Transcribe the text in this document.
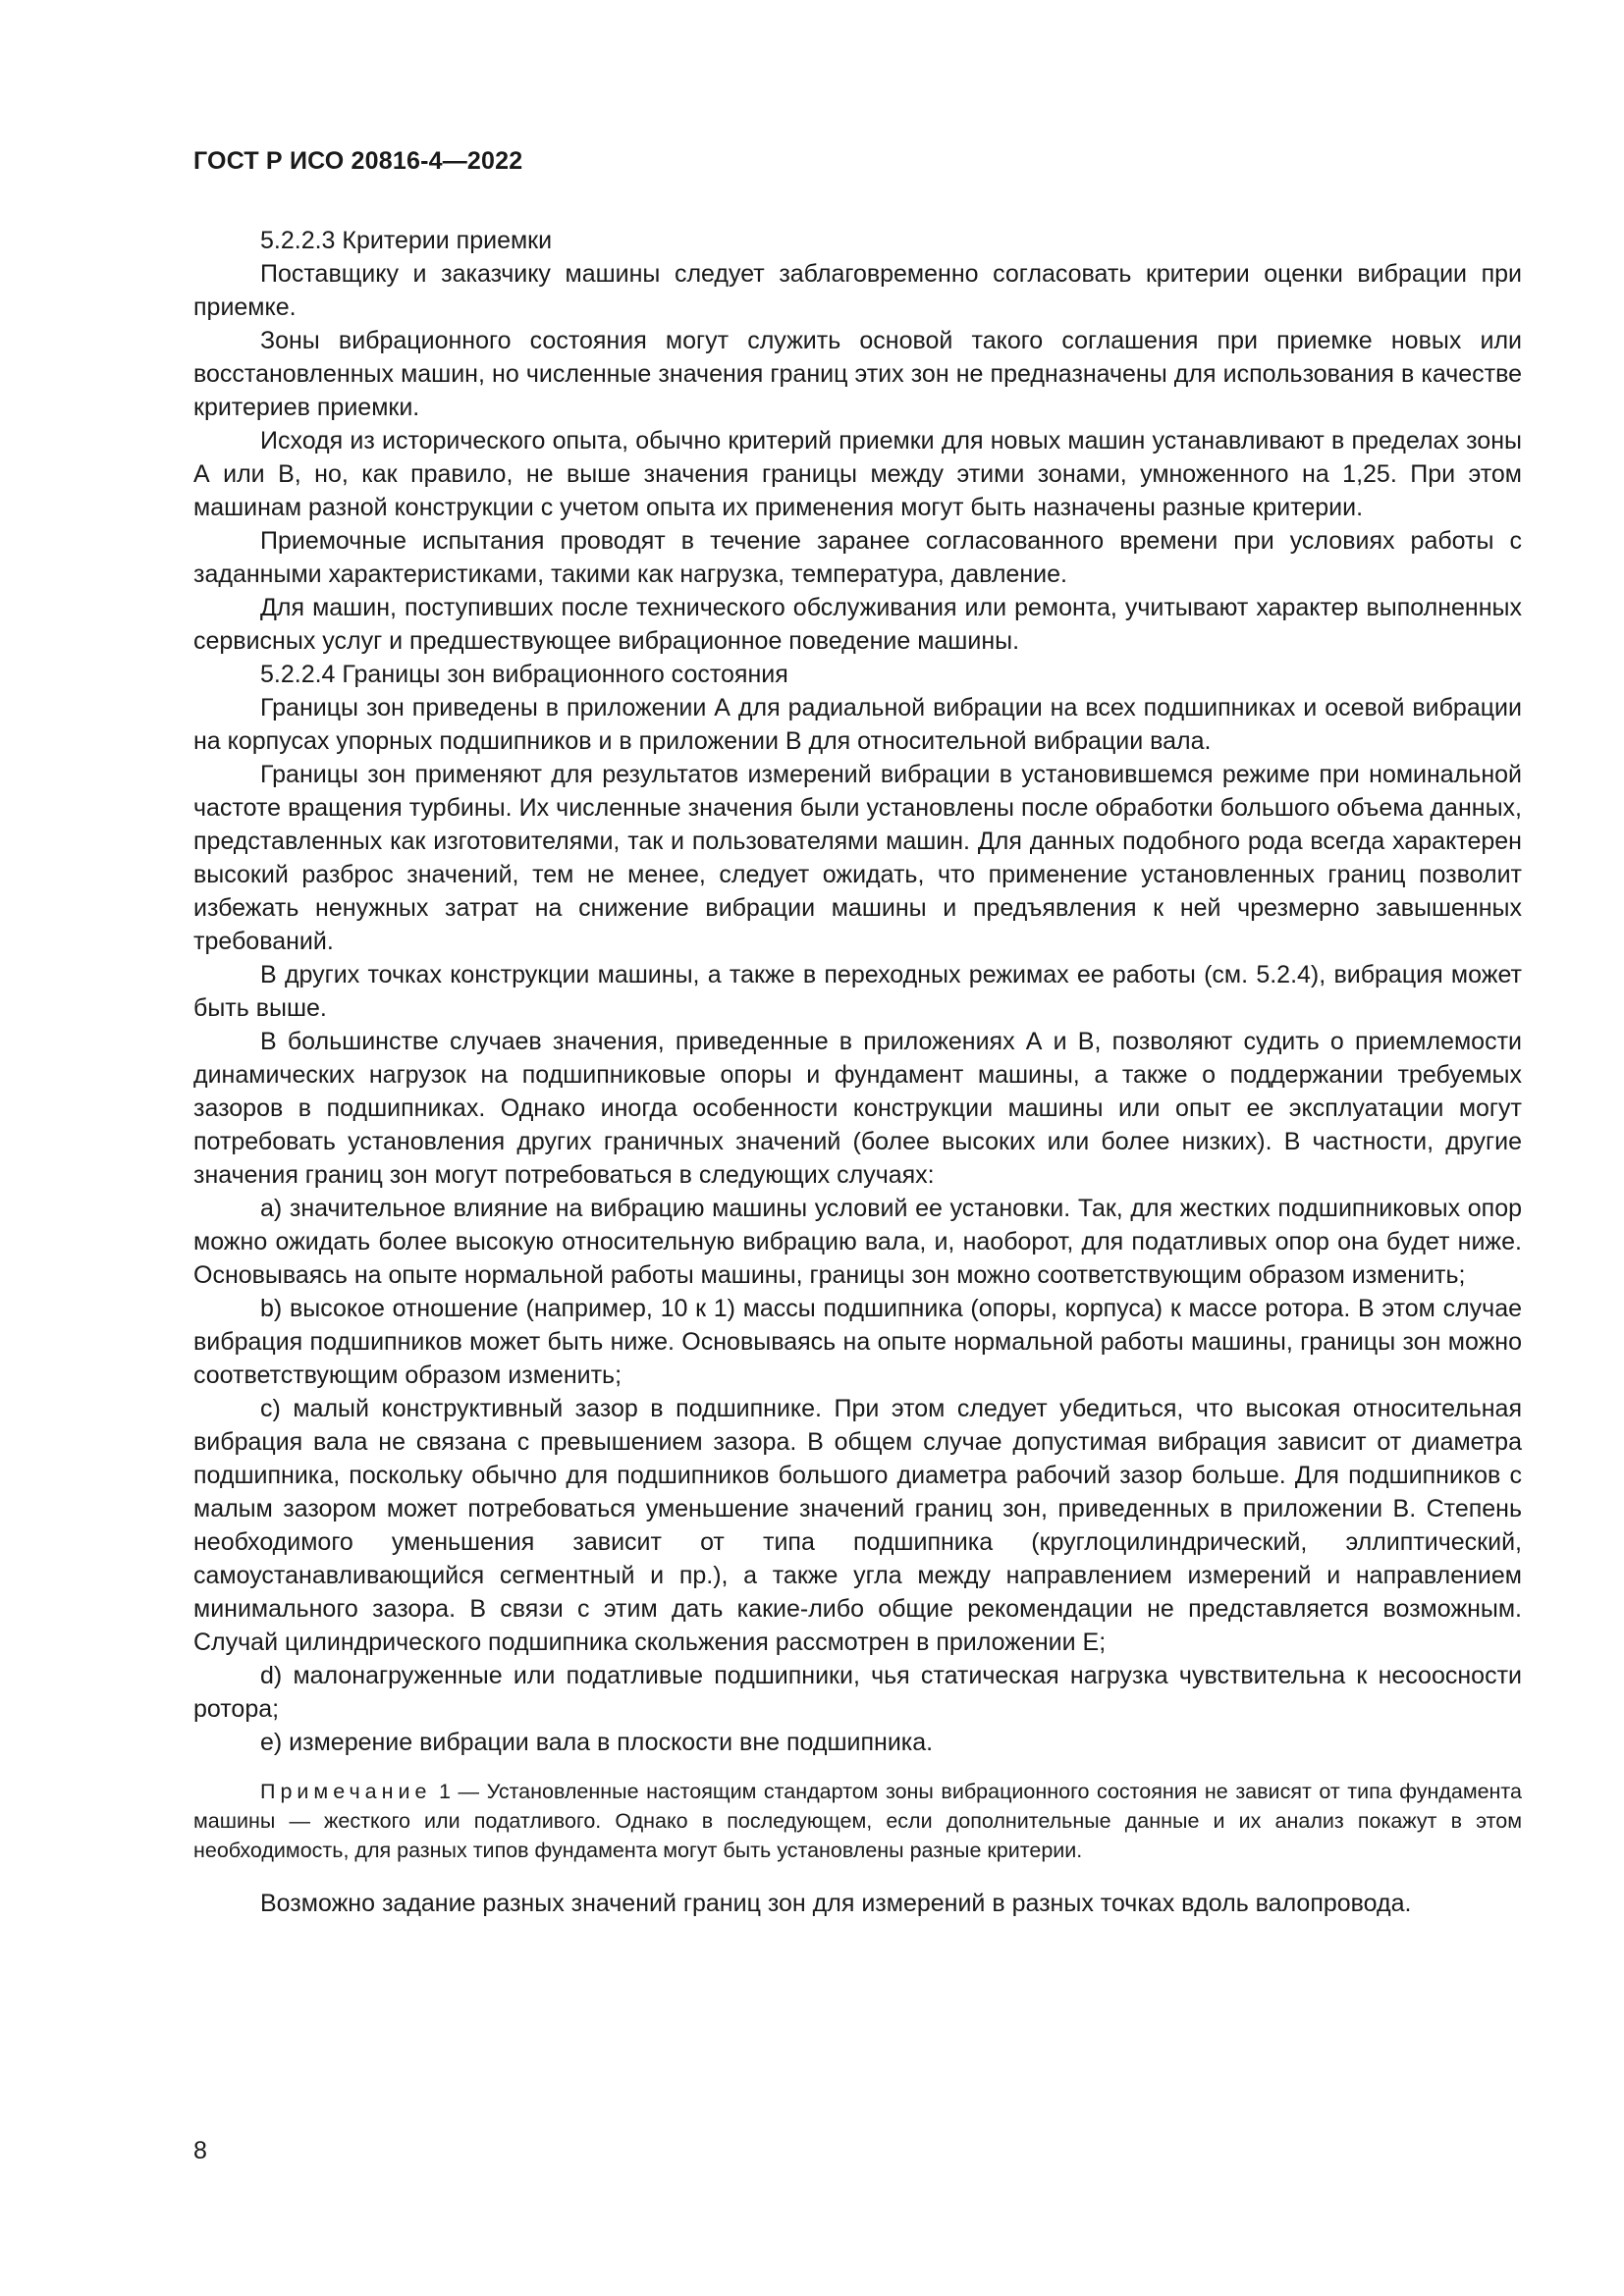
ГОСТ Р ИСО 20816-4—2022

5.2.2.3 Критерии приемки

Поставщику и заказчику машины следует заблаговременно согласовать критерии оценки вибрации при приемке.

Зоны вибрационного состояния могут служить основой такого соглашения при приемке новых или восстановленных машин, но численные значения границ этих зон не предназначены для использования в качестве критериев приемки.

Исходя из исторического опыта, обычно критерий приемки для новых машин устанавливают в пределах зоны А или В, но, как правило, не выше значения границы между этими зонами, умноженного на 1,25. При этом машинам разной конструкции с учетом опыта их применения могут быть назначены разные критерии.

Приемочные испытания проводят в течение заранее согласованного времени при условиях работы с заданными характеристиками, такими как нагрузка, температура, давление.

Для машин, поступивших после технического обслуживания или ремонта, учитывают характер выполненных сервисных услуг и предшествующее вибрационное поведение машины.

5.2.2.4 Границы зон вибрационного состояния

Границы зон приведены в приложении А для радиальной вибрации на всех подшипниках и осевой вибрации на корпусах упорных подшипников и в приложении В для относительной вибрации вала.

Границы зон применяют для результатов измерений вибрации в установившемся режиме при номинальной частоте вращения турбины. Их численные значения были установлены после обработки большого объема данных, представленных как изготовителями, так и пользователями машин. Для данных подобного рода всегда характерен высокий разброс значений, тем не менее, следует ожидать, что применение установленных границ позволит избежать ненужных затрат на снижение вибрации машины и предъявления к ней чрезмерно завышенных требований.

В других точках конструкции машины, а также в переходных режимах ее работы (см. 5.2.4), вибрация может быть выше.

В большинстве случаев значения, приведенные в приложениях А и В, позволяют судить о приемлемости динамических нагрузок на подшипниковые опоры и фундамент машины, а также о поддержании требуемых зазоров в подшипниках. Однако иногда особенности конструкции машины или опыт ее эксплуатации могут потребовать установления других граничных значений (более высоких или более низких). В частности, другие значения границ зон могут потребоваться в следующих случаях:

а) значительное влияние на вибрацию машины условий ее установки. Так, для жестких подшипниковых опор можно ожидать более высокую относительную вибрацию вала, и, наоборот, для податливых опор она будет ниже. Основываясь на опыте нормальной работы машины, границы зон можно соответствующим образом изменить;

b) высокое отношение (например, 10 к 1) массы подшипника (опоры, корпуса) к массе ротора. В этом случае вибрация подшипников может быть ниже. Основываясь на опыте нормальной работы машины, границы зон можно соответствующим образом изменить;

с) малый конструктивный зазор в подшипнике. При этом следует убедиться, что высокая относительная вибрация вала не связана с превышением зазора. В общем случае допустимая вибрация зависит от диаметра подшипника, поскольку обычно для подшипников большого диаметра рабочий зазор больше. Для подшипников с малым зазором может потребоваться уменьшение значений границ зон, приведенных в приложении В. Степень необходимого уменьшения зависит от типа подшипника (круглоцилиндрический, эллиптический, самоустанавливающийся сегментный и пр.), а также угла между направлением измерений и направлением минимального зазора. В связи с этим дать какие-либо общие рекомендации не представляется возможным. Случай цилиндрического подшипника скольжения рассмотрен в приложении Е;

d) малонагруженные или податливые подшипники, чья статическая нагрузка чувствительна к несоосности ротора;

е) измерение вибрации вала в плоскости вне подшипника.

Примечание 1 — Установленные настоящим стандартом зоны вибрационного состояния не зависят от типа фундамента машины — жесткого или податливого. Однако в последующем, если дополнительные данные и их анализ покажут в этом необходимость, для разных типов фундамента могут быть установлены разные критерии.

Возможно задание разных значений границ зон для измерений в разных точках вдоль валопровода.

8
